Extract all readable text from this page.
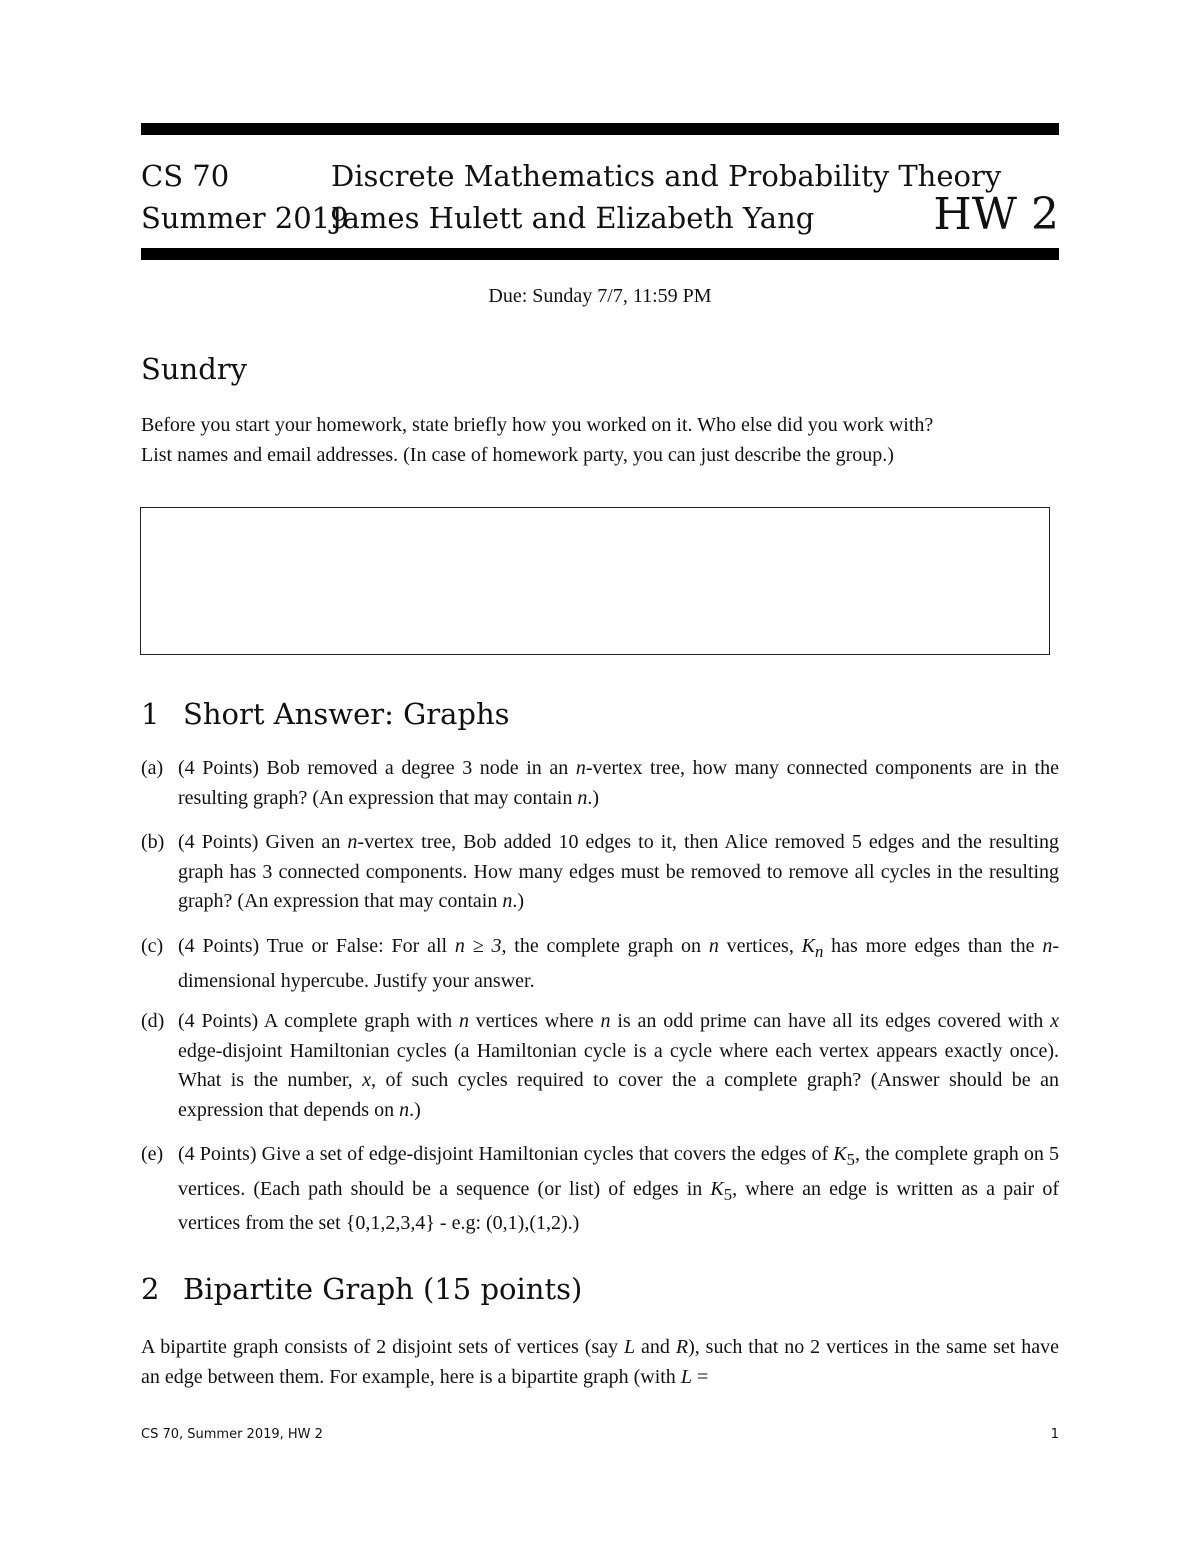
CS 70	Discrete Mathematics and Probability Theory
Summer 2019
James Hulett and Elizabeth Yang	HW 2
Due: Sunday 7/7, 11:59 PM
Sundry
Before you start your homework, state briefly how you worked on it. Who else did you work with?
List names and email addresses. (In case of homework party, you can just describe the group.)
1 Short Answer: Graphs
(a) (4 Points) Bob removed a degree 3 node in an n-vertex tree, how many connected components are in the resulting graph? (An expression that may contain n.)
(b) (4 Points) Given an n-vertex tree, Bob added 10 edges to it, then Alice removed 5 edges and the resulting graph has 3 connected components. How many edges must be removed to remove all cycles in the resulting graph? (An expression that may contain n.)
(c) (4 Points) True or False: For all n ≥ 3, the complete graph on n vertices, $K_n$ has more edges than the n-dimensional hypercube. Justify your answer.
(d) (4 Points) A complete graph with n vertices where n is an odd prime can have all its edges covered with x edge-disjoint Hamiltonian cycles (a Hamiltonian cycle is a cycle where each vertex appears exactly once). What is the number, x, of such cycles required to cover the a complete graph? (Answer should be an expression that depends on n.)
(e) (4 Points) Give a set of edge-disjoint Hamiltonian cycles that covers the edges of $K_5$, the complete graph on 5 vertices. (Each path should be a sequence (or list) of edges in $K_5$, where an edge is written as a pair of vertices from the set {0,1,2,3,4} - e.g: (0,1),(1,2).)
2 Bipartite Graph (15 points)
A bipartite graph consists of 2 disjoint sets of vertices (say L and R), such that no 2 vertices in the same set have an edge between them. For example, here is a bipartite graph (with L =
CS 70, Summer 2019, HW 2	1
